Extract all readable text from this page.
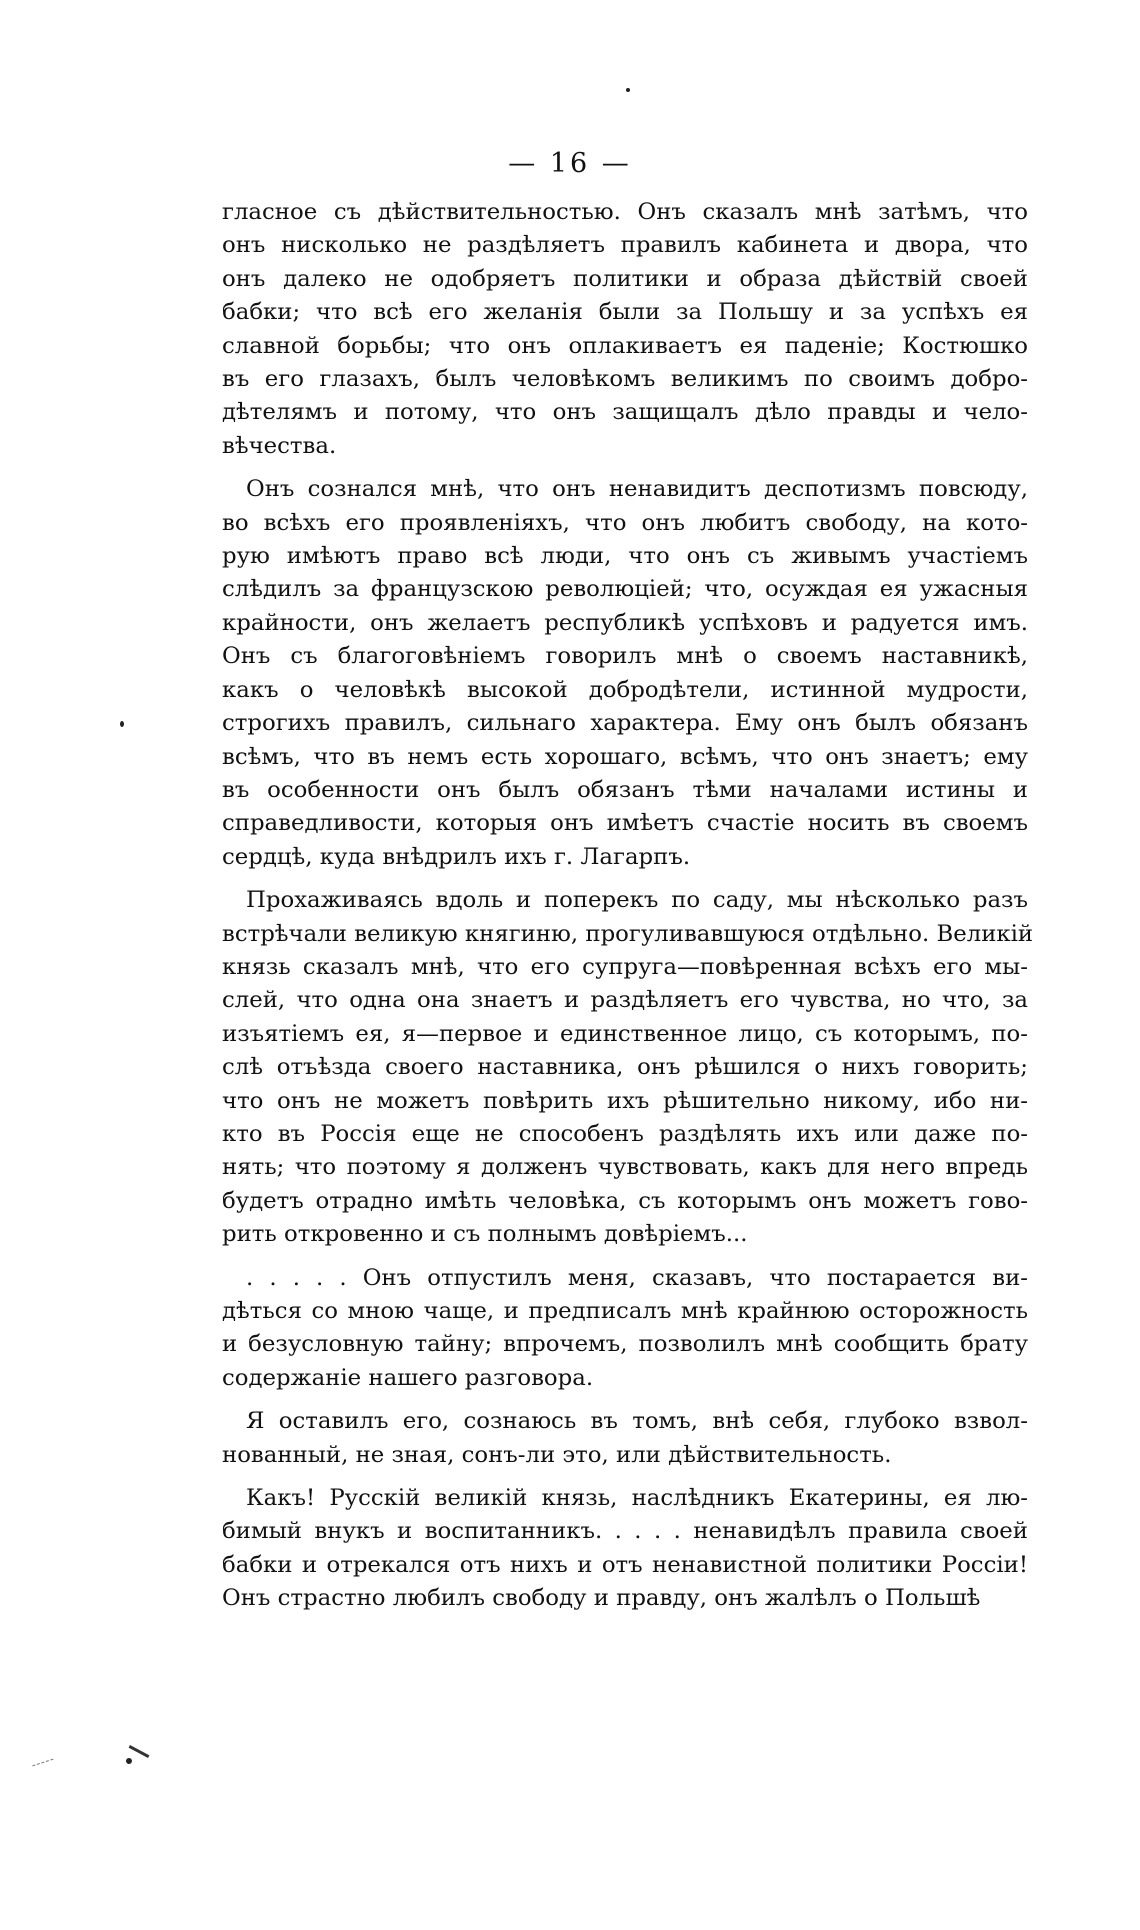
— 16 —
гласное съ дѣйствительностью. Онъ сказалъ мнѣ затѣмъ, что
онъ нисколько не раздѣляетъ правилъ кабинета и двора, что
онъ далеко не одобряетъ политики и образа дѣйствій своей
бабки; что всѣ его желанія были за Польшу и за успѣхъ ея
славной борьбы; что онъ оплакиваетъ ея паденіе; Костюшко
въ его глазахъ, былъ человѣкомъ великимъ по своимъ добро-
дѣтелямъ и потому, что онъ защищалъ дѣло правды и чело-
вѣчества.
Онъ сознался мнѣ, что онъ ненавидитъ деспотизмъ повсюду,
во всѣхъ его проявленіяхъ, что онъ любитъ свободу, на кото-
рую имѣютъ право всѣ люди, что онъ съ живымъ участіемъ
слѣдилъ за французскою революціей; что, осуждая ея ужасныя
крайности, онъ желаетъ республикѣ успѣховъ и радуется имъ.
Онъ съ благоговѣніемъ говорилъ мнѣ о своемъ наставникѣ,
какъ о человѣкѣ высокой добродѣтели, истинной мудрости,
строгихъ правилъ, сильнаго характера. Ему онъ былъ обязанъ
всѣмъ, что въ немъ есть хорошаго, всѣмъ, что онъ знаетъ; ему
въ особенности онъ былъ обязанъ тѣми началами истины и
справедливости, которыя онъ имѣетъ счастіе носить въ своемъ
сердцѣ, куда внѣдрилъ ихъ г. Лагарпъ.
Прохаживаясь вдоль и поперекъ по саду, мы нѣсколько разъ
встрѣчали великую княгиню, прогуливавшуюся отдѣльно. Великій
князь сказалъ мнѣ, что его супруга—повѣренная всѣхъ его мы-
слей, что одна она знаетъ и раздѣляетъ его чувства, но что, за
изъятіемъ ея, я—первое и единственное лицо, съ которымъ, по-
слѣ отъѣзда своего наставника, онъ рѣшился о нихъ говорить;
что онъ не можетъ повѣрить ихъ рѣшительно никому, ибо ни-
кто въ Россія еще не способенъ раздѣлять ихъ или даже по-
нять; что поэтому я долженъ чувствовать, какъ для него впредь
будетъ отрадно имѣть человѣка, съ которымъ онъ можетъ гово-
рить откровенно и съ полнымъ довѣріемъ...
. . . . . Онъ отпустилъ меня, сказавъ, что постарается ви-
дѣться со мною чаще, и предписалъ мнѣ крайнюю осторожность
и безусловную тайну; впрочемъ, позволилъ мнѣ сообщить брату
содержаніе нашего разговора.
Я оставилъ его, сознаюсь въ томъ, внѣ себя, глубоко взвол-
нованный, не зная, сонъ-ли это, или дѣйствительность.
Какъ! Русскій великій князь, наслѣдникъ Екатерины, ея лю-
бимый внукъ и воспитанникъ. . . . . ненавидѣлъ правила своей
бабки и отрекался отъ нихъ и отъ ненавистной политики Россіи!
Онъ страстно любилъ свободу и правду, онъ жалѣлъ о Польшѣ
